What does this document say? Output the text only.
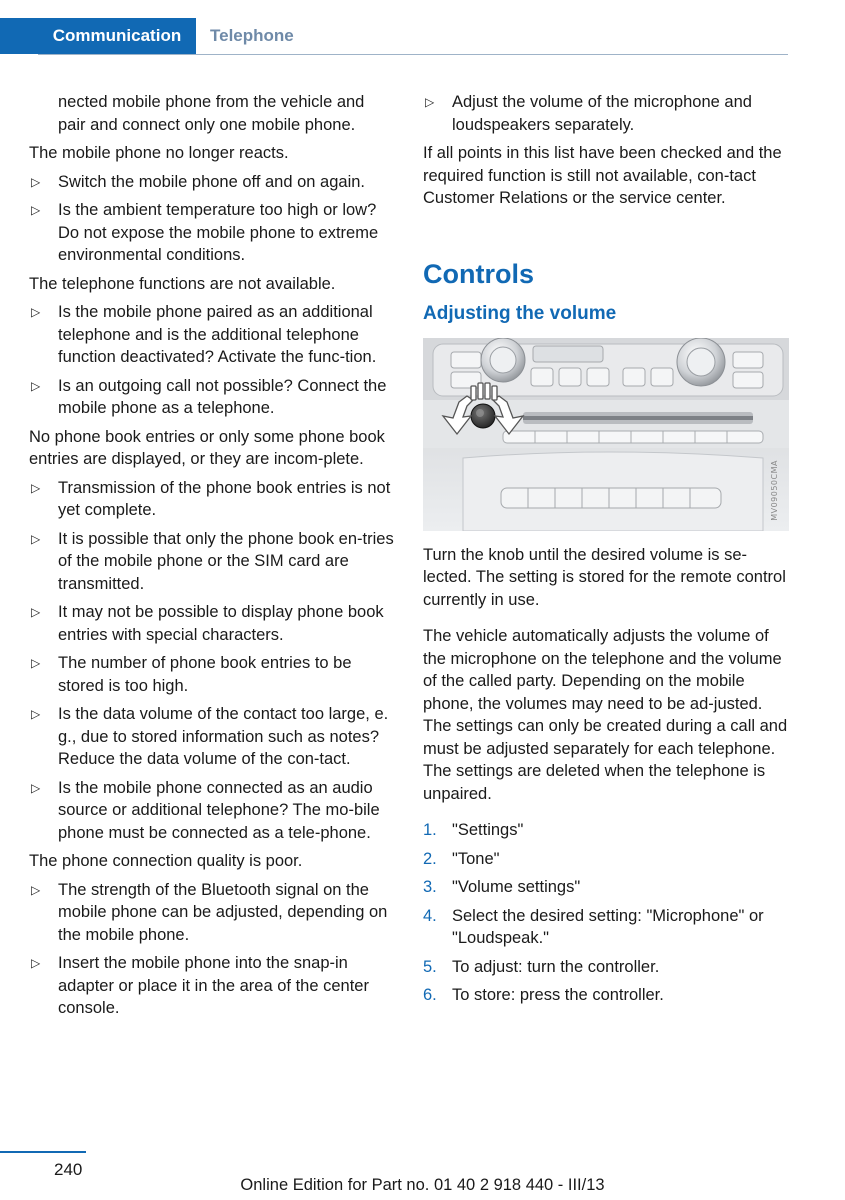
Communication	Telephone
nected mobile phone from the vehicle and pair and connect only one mobile phone.

The mobile phone no longer reacts.

▷ Switch the mobile phone off and on again.
▷ Is the ambient temperature too high or low? Do not expose the mobile phone to extreme environmental conditions.

The telephone functions are not available.

▷ Is the mobile phone paired as an additional telephone and is the additional telephone function deactivated? Activate the func-tion.
▷ Is an outgoing call not possible? Connect the mobile phone as a telephone.

No phone book entries or only some phone book entries are displayed, or they are incom-plete.

▷ Transmission of the phone book entries is not yet complete.
▷ It is possible that only the phone book en-tries of the mobile phone or the SIM card are transmitted.
▷ It may not be possible to display phone book entries with special characters.
▷ The number of phone book entries to be stored is too high.
▷ Is the data volume of the contact too large, e. g., due to stored information such as notes? Reduce the data volume of the con-tact.
▷ Is the mobile phone connected as an audio source or additional telephone? The mo-bile phone must be connected as a tele-phone.

The phone connection quality is poor.

▷ The strength of the Bluetooth signal on the mobile phone can be adjusted, depending on the mobile phone.
▷ Insert the mobile phone into the snap-in adapter or place it in the area of the center console.
▷ Adjust the volume of the microphone and loudspeakers separately.

If all points in this list have been checked and the required function is still not available, con-tact Customer Relations or the service center.

Controls
Adjusting the volume
MV09050CMA

Turn the knob until the desired volume is se-lected. The setting is stored for the remote control currently in use.

The vehicle automatically adjusts the volume of the microphone on the telephone and the volume of the called party. Depending on the mobile phone, the volumes may need to be ad-justed. The settings can only be created during a call and must be adjusted separately for each telephone. The settings are deleted when the telephone is unpaired.

1. "Settings"
2. "Tone"
3. "Volume settings"
4. Select the desired setting: "Microphone" or "Loudspeak."
5. To adjust: turn the controller.
6. To store: press the controller.
240
Online Edition for Part no. 01 40 2 918 440 - III/13
